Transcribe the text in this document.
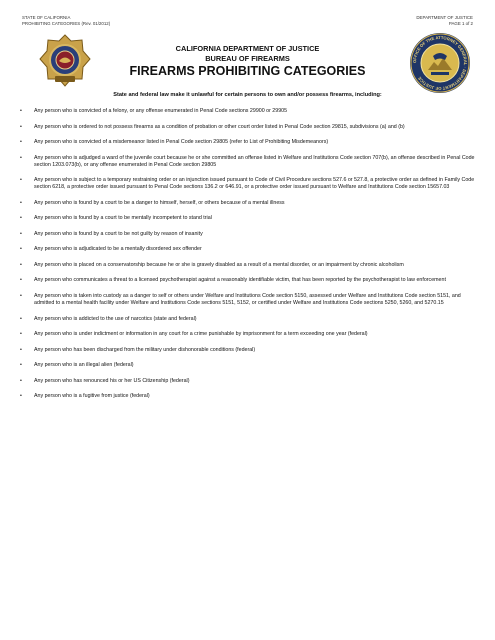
STATE OF CALIFORNIA
PROHIBITING CATEGORIES (Rev. 01/2012)
DEPARTMENT OF JUSTICE
PAGE 1 of 2
OFFICE OF THE ATTORNEY GENERAL · DEPARTMENT OF JUSTICE
CALIFORNIA DEPARTMENT OF JUSTICE
BUREAU OF FIREARMS
FIREARMS PROHIBITING CATEGORIES
State and federal law make it unlawful for certain persons to own and/or possess firearms, including:
• Any person who is convicted of a felony, or any offense enumerated in Penal Code sections 29900 or 29905
• Any person who is ordered to not possess firearms as a condition of probation or other court order listed in Penal Code section 29815, subdivisions (a) and (b)
• Any person who is convicted of a misdemeanor listed in Penal Code section 29805 (refer to List of Prohibiting Misdemeanors)
• Any person who is adjudged a ward of the juvenile court because he or she committed an offense listed in Welfare and Institutions Code section 707(b), an offense described in Penal Code section 1203.073(b), or any offense enumerated in Penal Code section 29805
• Any person who is subject to a temporary restraining order or an injunction issued pursuant to Code of Civil Procedure sections 527.6 or 527.8, a protective order as defined in Family Code section 6218, a protective order issued pursuant to Penal Code sections 136.2 or 646.91, or a protective order issued pursuant to Welfare and Institutions Code section 15657.03
• Any person who is found by a court to be a danger to himself, herself, or others because of a mental illness
• Any person who is found by a court to be mentally incompetent to stand trial
• Any person who is found by a court to be not guilty by reason of insanity
• Any person who is adjudicated to be a mentally disordered sex offender
• Any person who is placed on a conservatorship because he or she is gravely disabled as a result of a mental disorder, or an impairment by chronic alcoholism
• Any person who communicates a threat to a licensed psychotherapist against a reasonably identifiable victim, that has been reported by the psychotherapist to law enforcement
• Any person who is taken into custody as a danger to self or others under Welfare and Institutions Code section 5150, assessed under Welfare and Institutions Code section 5151, and admitted to a mental health facility under Welfare and Institutions Code sections 5151, 5152, or certified under Welfare and Institutions Code sections 5250, 5260, and 5270.15
• Any person who is addicted to the use of narcotics (state and federal)
• Any person who is under indictment or information in any court for a crime punishable by imprisonment for a term exceeding one year (federal)
• Any person who has been discharged from the military under dishonorable conditions (federal)
• Any person who is an illegal alien (federal)
• Any person who has renounced his or her US Citizenship (federal)
• Any person who is a fugitive from justice (federal)
